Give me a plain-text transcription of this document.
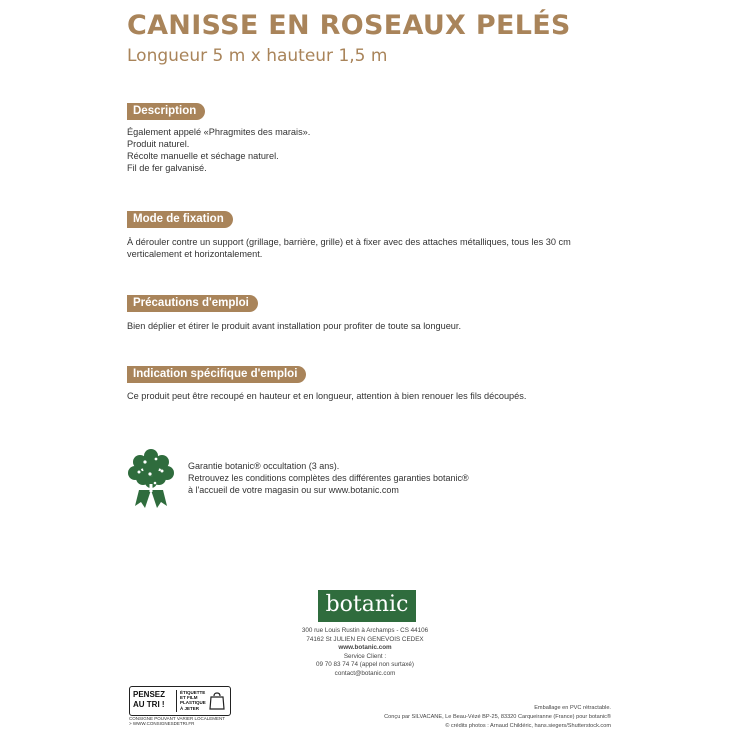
CANISSE EN ROSEAUX PELÉS
Longueur 5 m x hauteur 1,5 m
Description
Également appelé «Phragmites des marais».
Produit naturel.
Récolte manuelle et séchage naturel.
Fil de fer galvanisé.
Mode de fixation
À dérouler contre un support (grillage, barrière, grille) et à fixer avec des attaches métalliques, tous les 30 cm
verticalement et horizontalement.
Précautions d'emploi
Bien déplier et étirer le produit avant installation pour profiter de toute sa longueur.
Indication spécifique d'emploi
Ce produit peut être recoupé en hauteur et en longueur, attention à bien renouer les fils découpés.
Garantie botanic® occultation (3 ans).
Retrouvez les conditions complètes des différentes garanties botanic®
à l'accueil de votre magasin ou sur www.botanic.com
botanic
300 rue Louis Rustin à Archamps - CS 44106
74162 St JULIEN EN GENEVOIS CEDEX
www.botanic.com
Service Client :
09 70 83 74 74 (appel non surtaxé)
contact@botanic.com
PENSEZ
AU TRI !
ÉTIQUETTE
ET FILM
PLASTIQUE
À JETER
CONSIGNE POUVANT VARIER LOCALEMENT
> WWW.CONSIGNESDETRI.FR
Emballage en PVC rétractable.
Conçu par SILVACANE, Le Beau-Vézé BP-25, 83320 Carqueiranne (France) pour botanic®
© crédits photos : Arnaud Childéric, hans.siegers/Shutterstock.com
